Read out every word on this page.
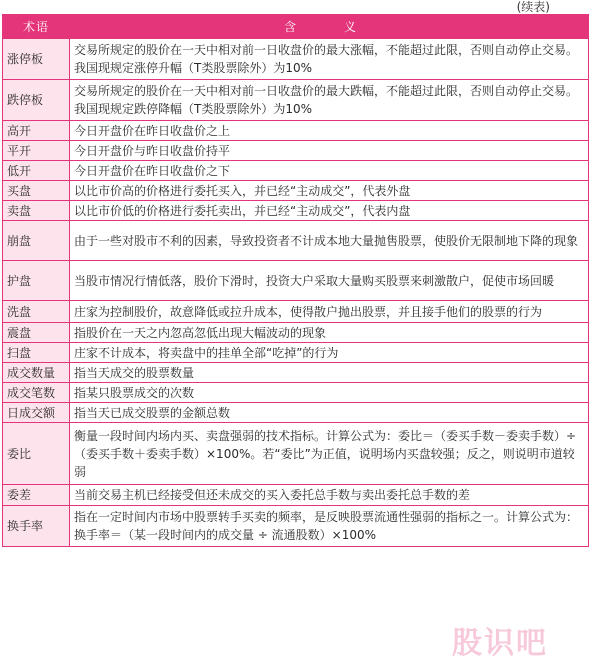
(续表)
术语	含　义
涨停板	交易所规定的股价在一天中相对前一日收盘价的最大涨幅，不能超过此限，否则自动停止交易。我国现规定涨停升幅（T类股票除外）为10%
跌停板	交易所规定的股价在一天中相对前一日收盘价的最大跌幅，不能超过此限，否则自动停止交易。我国现规定跌停降幅（T类股票除外）为10%
高开	今日开盘价在昨日收盘价之上
平开	今日开盘价与昨日收盘价持平
低开	今日开盘价在昨日收盘价之下
买盘	以比市价高的价格进行委托买入，并已经“主动成交”，代表外盘
卖盘	以比市价低的价格进行委托卖出，并已经“主动成交”，代表内盘
崩盘	由于一些对股市不利的因素，导致投资者不计成本地大量抛售股票，使股价无限制地下降的现象
护盘	当股市情况行情低落，股价下滑时，投资大户采取大量购买股票来刺激散户，促使市场回暖
洗盘	庄家为控制股价，故意降低或拉升成本，使得散户抛出股票，并且接手他们的股票的行为
震盘	指股价在一天之内忽高忽低出现大幅波动的现象
扫盘	庄家不计成本，将卖盘中的挂单全部“吃掉”的行为
成交数量	指当天成交的股票数量
成交笔数	指某只股票成交的次数
日成交额	指当天已成交股票的金额总数
委比	衡量一段时间内场内买、卖盘强弱的技术指标。计算公式为：委比＝（委买手数－委卖手数）÷（委买手数＋委卖手数）×100%。若“委比”为正值，说明场内买盘较强；反之，则说明市道较弱
委差	当前交易主机已经接受但还未成交的买入委托总手数与卖出委托总手数的差
换手率	指在一定时间内市场中股票转手买卖的频率，是反映股票流通性强弱的指标之一。计算公式为：换手率＝（某一段时间内的成交量 ÷ 流通股数）×100%
股识吧
